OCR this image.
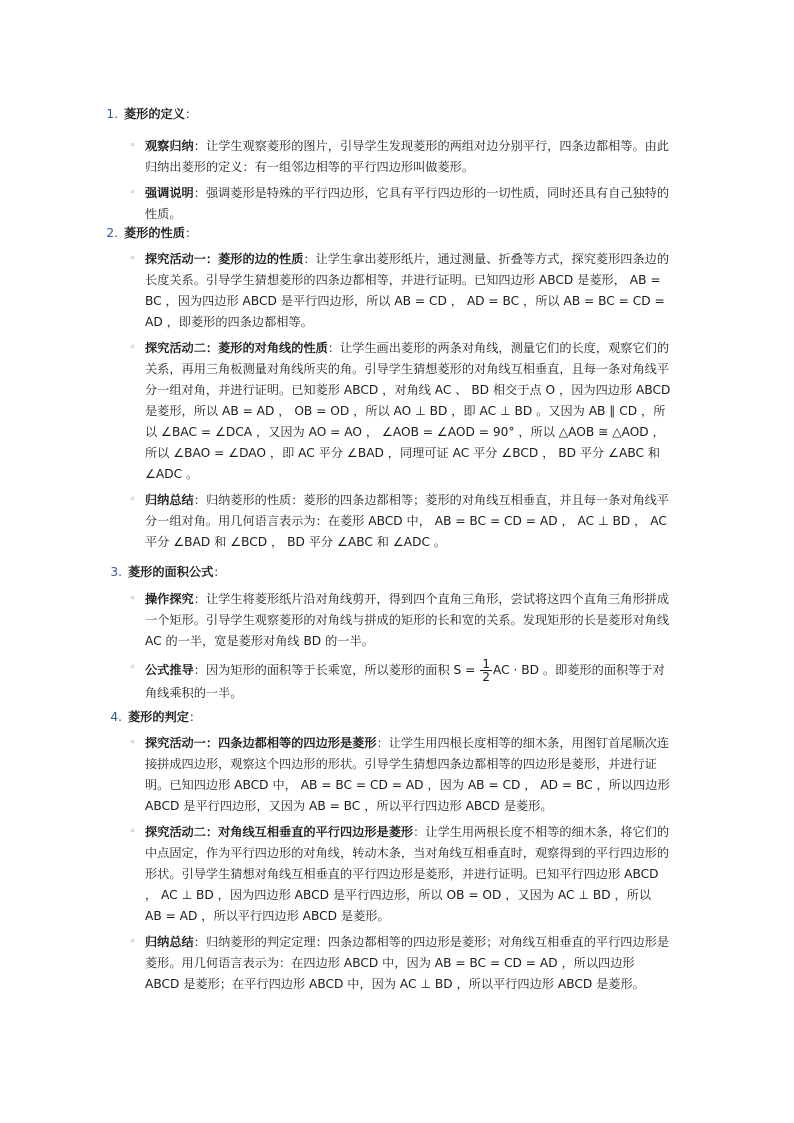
1. 菱形的定义：
◦ 观察归纳：让学生观察菱形的图片，引导学生发现菱形的两组对边分别平行，四条边都相等。由此归纳出菱形的定义：有一组邻边相等的平行四边形叫做菱形。
◦ 强调说明：强调菱形是特殊的平行四边形，它具有平行四边形的一切性质，同时还具有自己独特的性质。
2. 菱形的性质：
◦ 探究活动一：菱形的边的性质：让学生拿出菱形纸片，通过测量、折叠等方式，探究菱形四条边的长度关系。引导学生猜想菱形的四条边都相等，并进行证明。已知四边形 ABCD 是菱形， AB = BC ，因为四边形 ABCD 是平行四边形，所以 AB = CD ， AD = BC ，所以 AB = BC = CD = AD ，即菱形的四条边都相等。
◦ 探究活动二：菱形的对角线的性质：让学生画出菱形的两条对角线，测量它们的长度，观察它们的关系，再用三角板测量对角线所夹的角。引导学生猜想菱形的对角线互相垂直，且每一条对角线平分一组对角，并进行证明。已知菱形 ABCD ，对角线 AC 、 BD 相交于点 O ，因为四边形 ABCD 是菱形，所以 AB = AD ， OB = OD ，所以 AO ⊥ BD ，即 AC ⊥ BD 。又因为 AB ∥ CD ，所以 ∠BAC = ∠DCA ，又因为 AO = AO ， ∠AOB = ∠AOD = 90° ，所以 △AOB ≅ △AOD ，所以 ∠BAO = ∠DAO ，即 AC 平分 ∠BAD ，同理可证 AC 平分 ∠BCD ， BD 平分 ∠ABC 和 ∠ADC 。
◦ 归纳总结：归纳菱形的性质：菱形的四条边都相等；菱形的对角线互相垂直，并且每一条对角线平分一组对角。用几何语言表示为：在菱形 ABCD 中， AB = BC = CD = AD ， AC ⊥ BD ， AC 平分 ∠BAD 和 ∠BCD ， BD 平分 ∠ABC 和 ∠ADC 。
3. 菱形的面积公式：
◦ 操作探究：让学生将菱形纸片沿对角线剪开，得到四个直角三角形，尝试将这四个直角三角形拼成一个矩形。引导学生观察菱形的对角线与拼成的矩形的长和宽的关系。发现矩形的长是菱形对角线 AC 的一半，宽是菱形对角线 BD 的一半。
◦ 公式推导：因为矩形的面积等于长乘宽，所以菱形的面积 $S = \frac{1}{2}$ AC · BD 。即菱形的面积等于对角线乘积的一半。
4. 菱形的判定：
◦ 探究活动一：四条边都相等的四边形是菱形：让学生用四根长度相等的细木条，用图钉首尾顺次连接拼成四边形，观察这个四边形的形状。引导学生猜想四条边都相等的四边形是菱形，并进行证明。已知四边形 ABCD 中， AB = BC = CD = AD ，因为 AB = CD ， AD = BC ，所以四边形 ABCD 是平行四边形，又因为 AB = BC ，所以平行四边形 ABCD 是菱形。
◦ 探究活动二：对角线互相垂直的平行四边形是菱形：让学生用两根长度不相等的细木条，将它们的中点固定，作为平行四边形的对角线，转动木条，当对角线互相垂直时，观察得到的平行四边形的形状。引导学生猜想对角线互相垂直的平行四边形是菱形，并进行证明。已知平行四边形 ABCD ， AC ⊥ BD ，因为四边形 ABCD 是平行四边形，所以 OB = OD ，又因为 AC ⊥ BD ，所以 AB = AD ，所以平行四边形 ABCD 是菱形。
◦ 归纳总结：归纳菱形的判定定理：四条边都相等的四边形是菱形；对角线互相垂直的平行四边形是菱形。用几何语言表示为：在四边形 ABCD 中，因为 AB = BC = CD = AD ，所以四边形 ABCD 是菱形；在平行四边形 ABCD 中，因为 AC ⊥ BD ，所以平行四边形 ABCD 是菱形。
